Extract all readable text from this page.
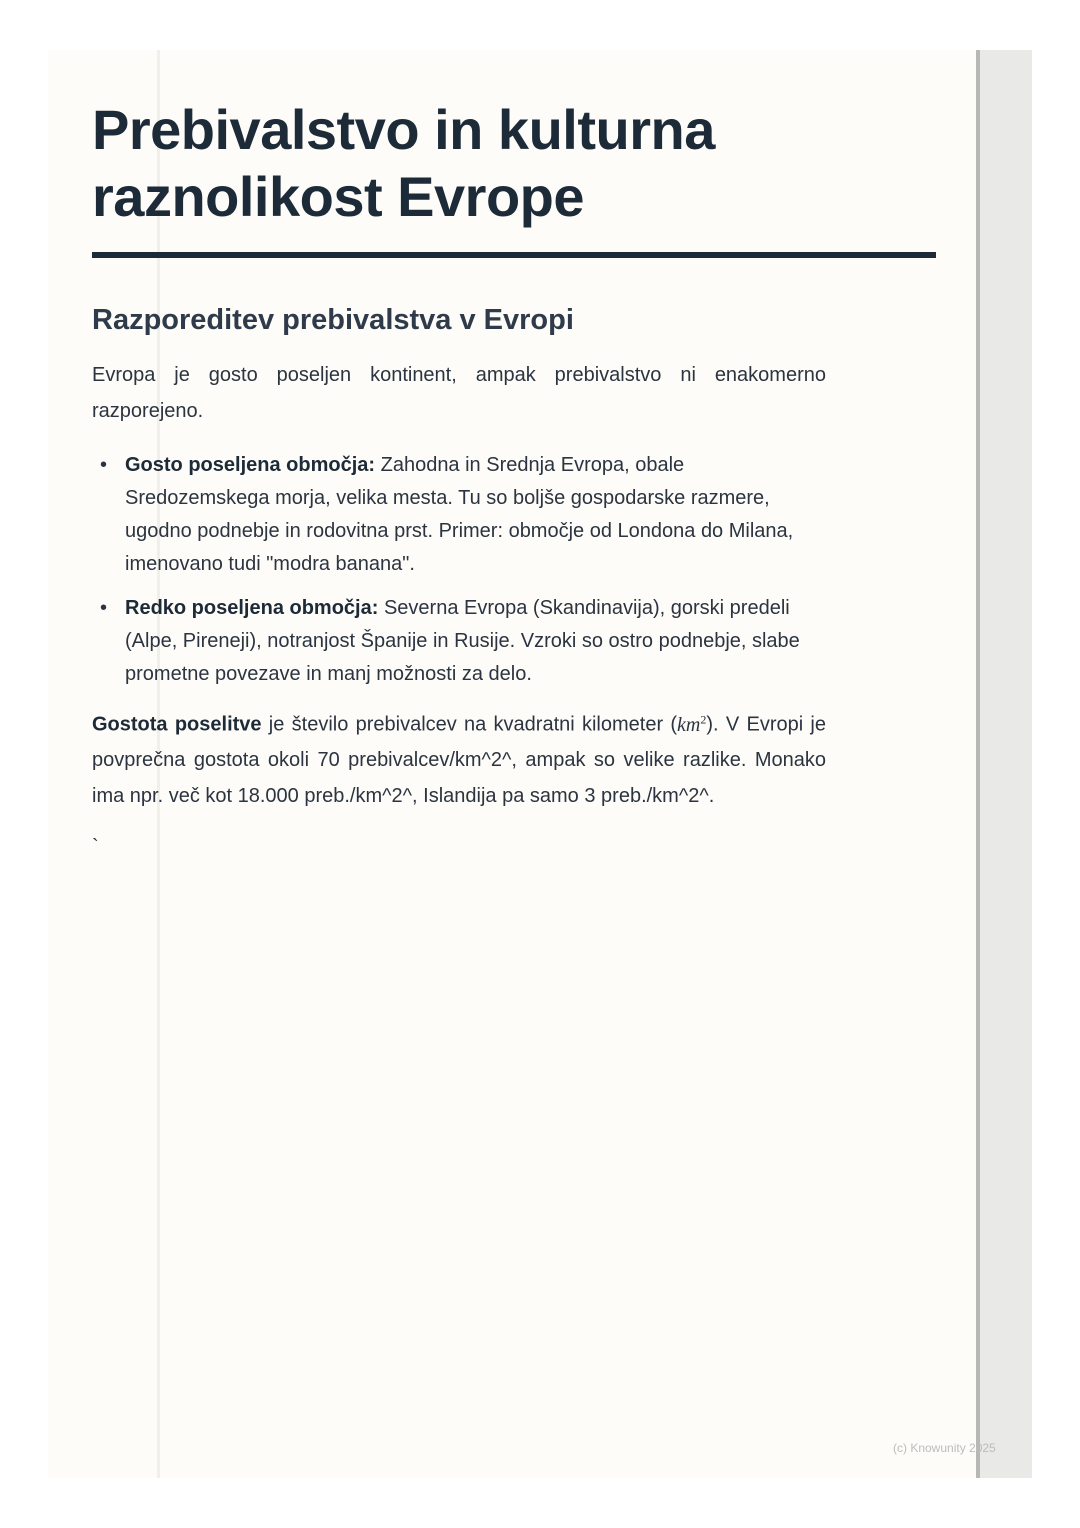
Prebivalstvo in kulturna
raznolikost Evrope
Razporeditev prebivalstva v Evropi

Evropa je gosto poseljen kontinent, ampak prebivalstvo ni enakomerno razporejeno.

• Gosto poseljena območja: Zahodna in Srednja Evropa, obale Sredozemskega morja, velika mesta. Tu so boljše gospodarske razmere, ugodno podnebje in rodovitna prst. Primer: območje od Londona do Milana, imenovano tudi "modra banana".
• Redko poseljena območja: Severna Evropa (Skandinavija), gorski predeli (Alpe, Pireneji), notranjost Španije in Rusije. Vzroki so ostro podnebje, slabe prometne povezave in manj možnosti za delo.

Gostota poselitve je število prebivalcev na kvadratni kilometer $(km^2)$. V Evropi je povprečna gostota okoli 70 prebivalcev/km^2^, ampak so velike razlike. Monako ima npr. več kot 18.000 preb./km^2^, Islandija pa samo 3 preb./km^2^.

`
(c) Knowunity 2025
